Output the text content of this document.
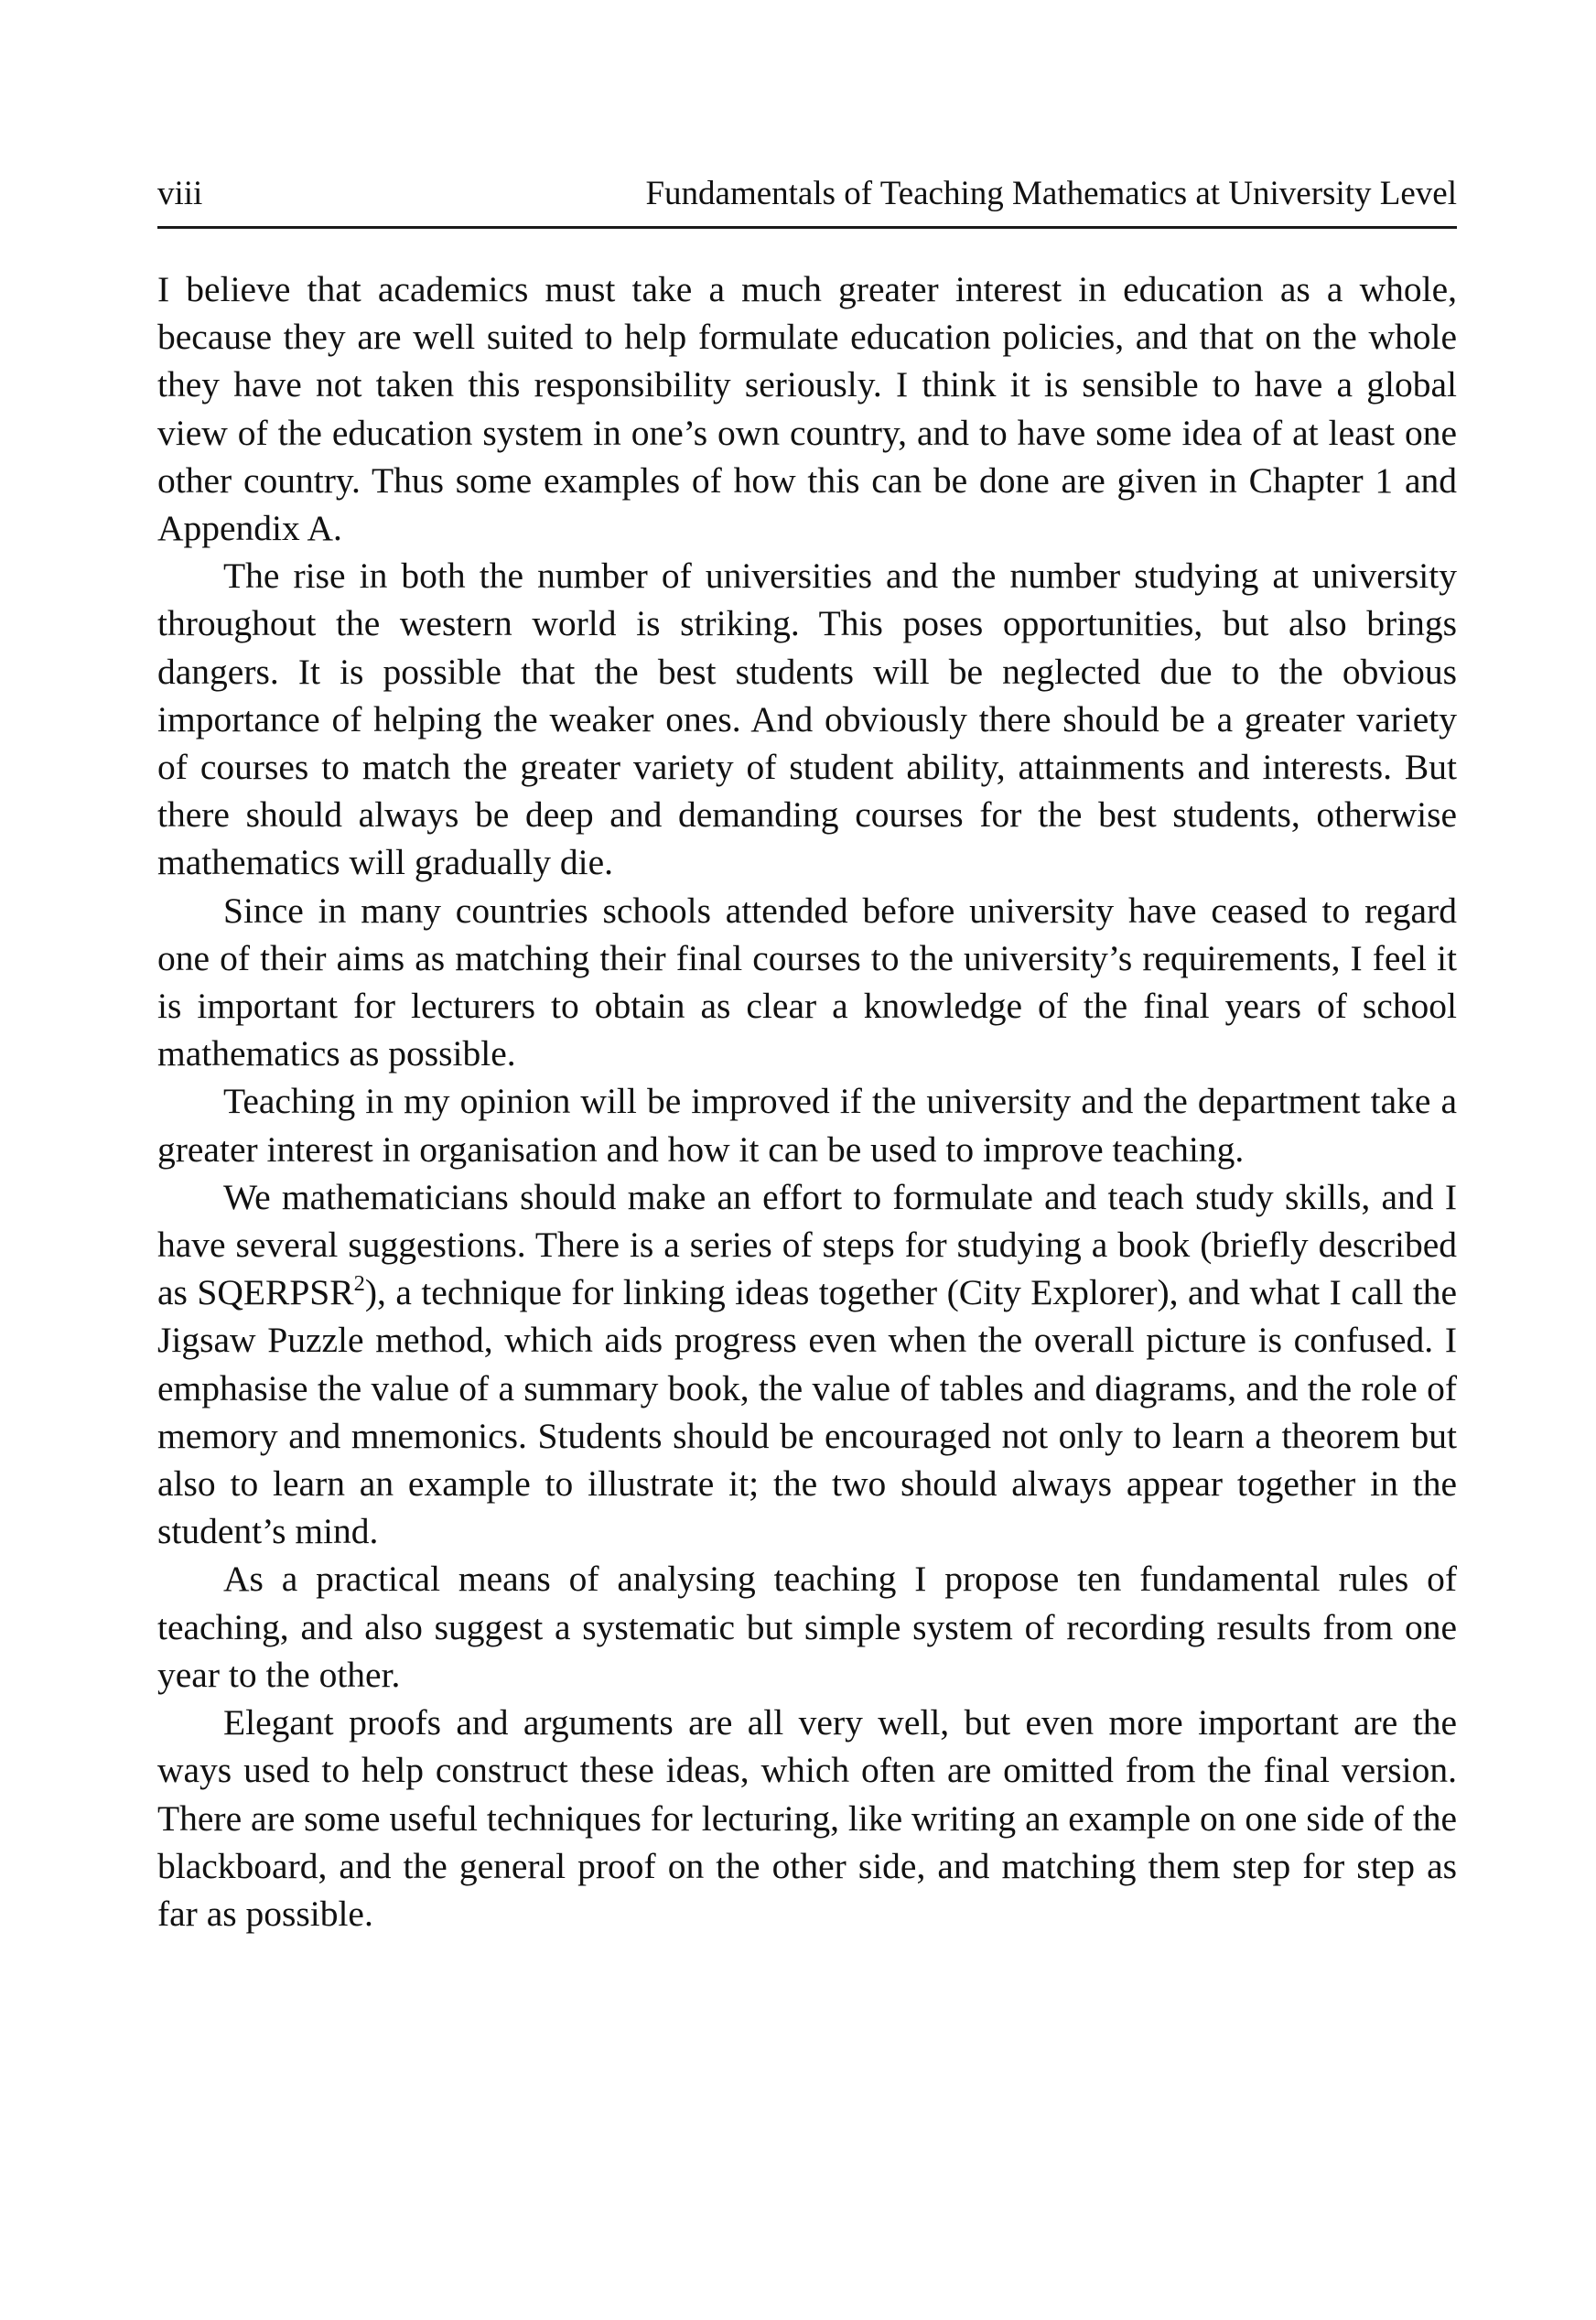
viii	Fundamentals of Teaching Mathematics at University Level

I believe that academics must take a much greater interest in education as a whole, because they are well suited to help formulate education policies, and that on the whole they have not taken this responsibility seriously. I think it is sensible to have a global view of the education system in one’s own country, and to have some idea of at least one other country. Thus some examples of how this can be done are given in Chapter 1 and Appendix A.

The rise in both the number of universities and the number studying at university throughout the western world is striking. This poses opportunities, but also brings dangers. It is possible that the best students will be neglected due to the obvious importance of helping the weaker ones. And obviously there should be a greater variety of courses to match the greater variety of student ability, attainments and interests. But there should always be deep and demanding courses for the best students, otherwise mathematics will gradually die.

Since in many countries schools attended before university have ceased to regard one of their aims as matching their final courses to the university’s requirements, I feel it is important for lecturers to obtain as clear a knowledge of the final years of school mathematics as possible.

Teaching in my opinion will be improved if the university and the department take a greater interest in organisation and how it can be used to improve teaching.

We mathematicians should make an effort to formulate and teach study skills, and I have several suggestions. There is a series of steps for studying a book (briefly described as SQERPSR$^2$), a technique for linking ideas together (City Explorer), and what I call the Jigsaw Puzzle method, which aids progress even when the overall picture is confused. I emphasise the value of a summary book, the value of tables and diagrams, and the role of memory and mnemonics. Students should be encouraged not only to learn a theorem but also to learn an example to illustrate it; the two should always appear together in the student’s mind.

As a practical means of analysing teaching I propose ten fundamental rules of teaching, and also suggest a systematic but simple system of recording results from one year to the other.

Elegant proofs and arguments are all very well, but even more important are the ways used to help construct these ideas, which often are omitted from the final version. There are some useful techniques for lecturing, like writing an example on one side of the blackboard, and the general proof on the other side, and matching them step for step as far as possible.
